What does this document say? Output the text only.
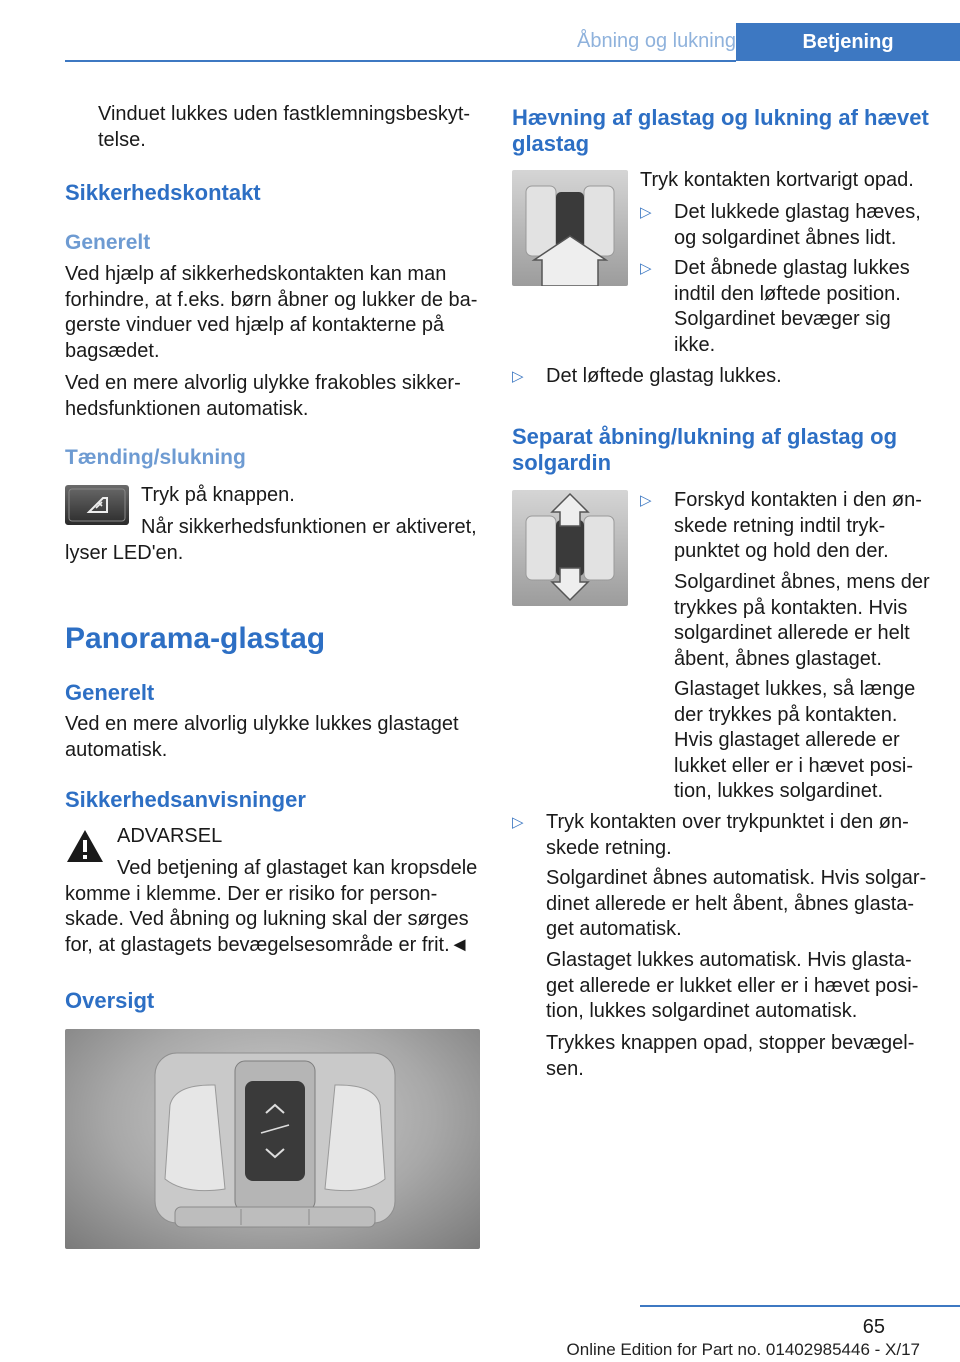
Åbning og lukning	Betjening

Vinduet lukkes uden fastklemningsbeskyt‐ telse.

Sikkerhedskontakt
Generelt

Ved hjælp af sikkerhedskontakten kan man forhindre, at f.eks. børn åbner og lukker de ba‐ gerste vinduer ved hjælp af kontakterne på bagsædet.

Ved en mere alvorlig ulykke frakobles sikker‐ hedsfunktionen automatisk.

Tænding/slukning

Tryk på knappen.

Når sikkerhedsfunktionen er aktiveret, lyser LED'en.

Panorama-glastag
Generelt

Ved en mere alvorlig ulykke lukkes glastaget automatisk.

Sikkerhedsanvisninger

ADVARSEL

Ved betjening af glastaget kan kropsdele komme i klemme. Der er risiko for person‐ skade. Ved åbning og lukning skal der sørges for, at glastagets bevægelsesområde er frit.◄

Oversigt
Hævning af glastag og lukning af hævet glastag

Tryk kontakten kortvarigt opad.

▷ Det lukkede glastag hæves, og solgardinet åbnes lidt.
▷ Det åbnede glastag lukkes indtil den løftede position. Solgardinet bevæger sig ikke.
▷ Det løftede glastag lukkes.
Separat åbning/lukning af glastag og solgardin
▷ Forskyd kontakten i den øn‐ skede retning indtil tryk‐ punktet og hold den der.

Solgardinet åbnes, mens der trykkes på kontakten. Hvis solgardinet allerede er helt åbent, åbnes glastaget.

Glastaget lukkes, så længe der trykkes på kontakten. Hvis glastaget allerede er lukket eller er i hævet posi‐ tion, lukkes solgardinet.

▷ Tryk kontakten over trykpunktet i den øn‐ skede retning.

Solgardinet åbnes automatisk. Hvis solgar‐ dinet allerede er helt åbent, åbnes glasta‐ get automatisk.

Glastaget lukkes automatisk. Hvis glasta‐ get allerede er lukket eller er i hævet posi‐ tion, lukkes solgardinet automatisk.

Trykkes knappen opad, stopper bevægel‐ sen.

65
Online Edition for Part no. 01402985446 - X/17
